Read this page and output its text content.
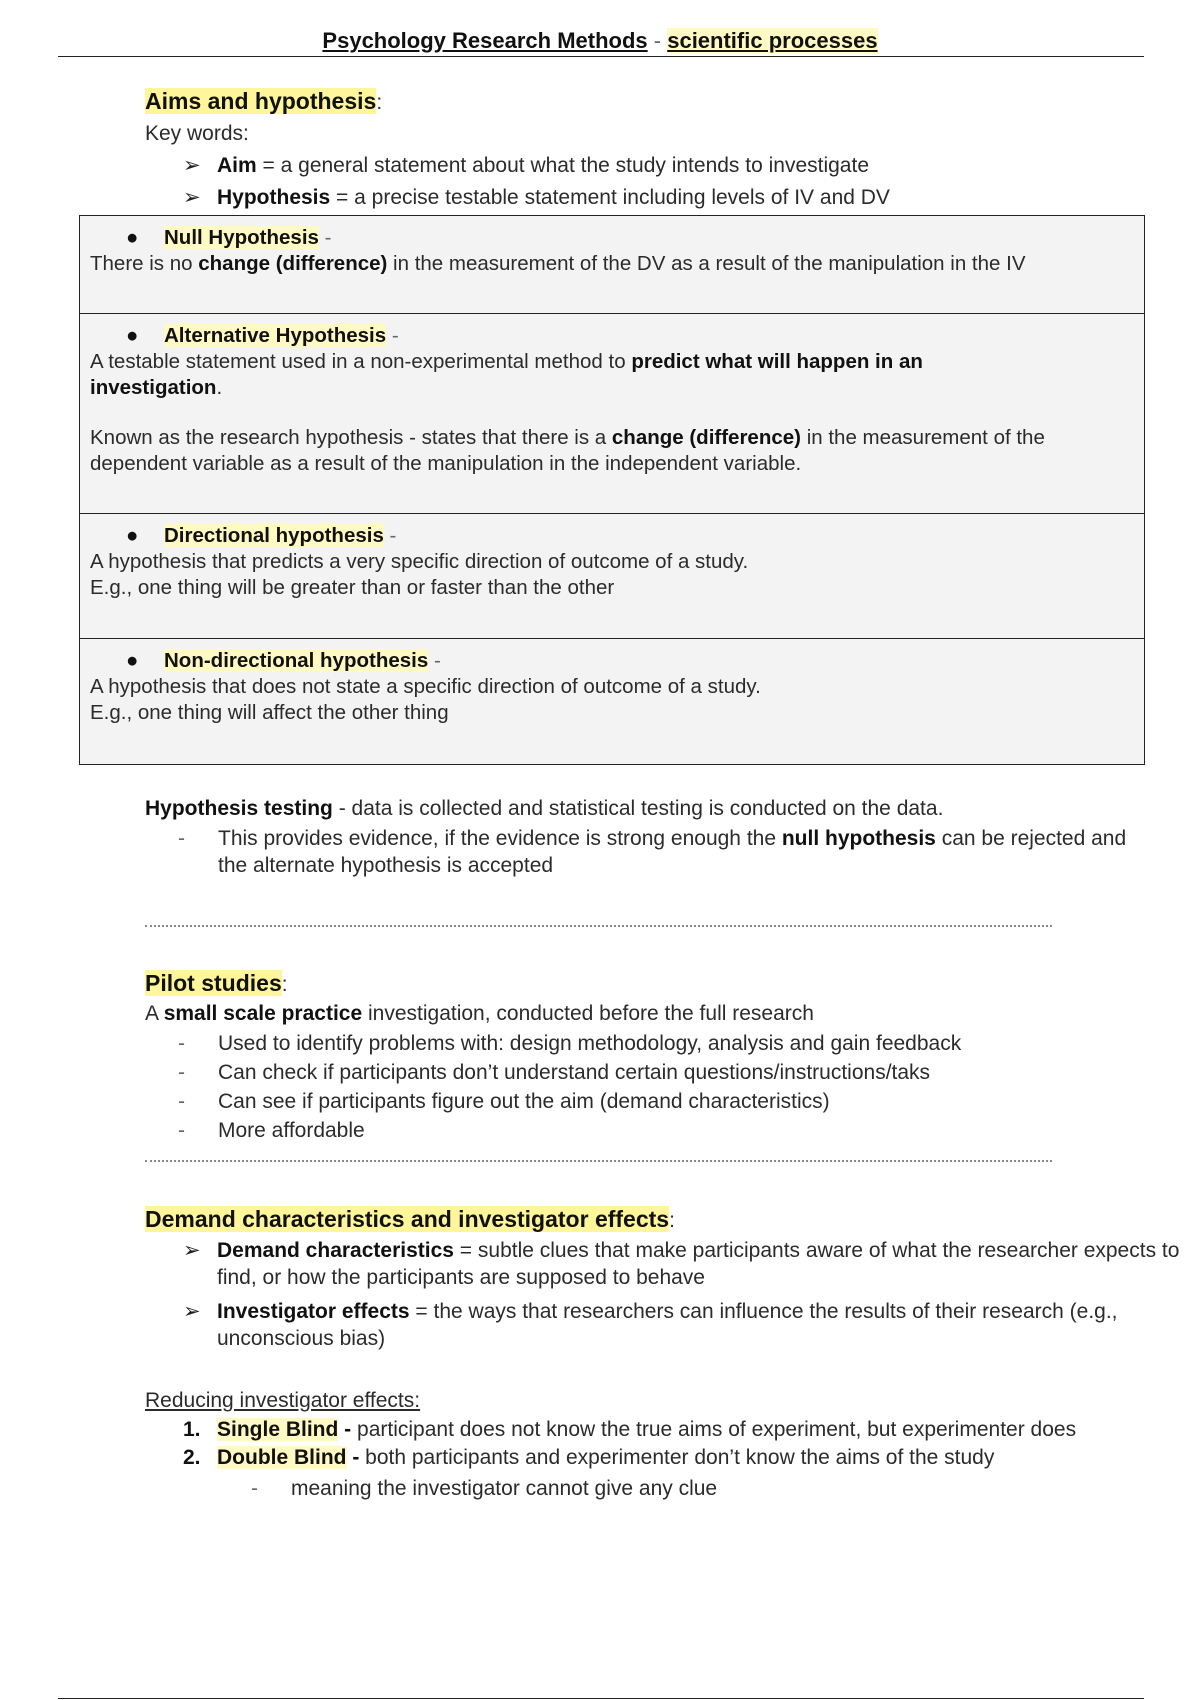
Psychology Research Methods - scientific processes
Aims and hypothesis:
Key words:
➢ Aim = a general statement about what the study intends to investigate
➢ Hypothesis = a precise testable statement including levels of IV and DV
● Null Hypothesis -
There is no change (difference) in the measurement of the DV as a result of the manipulation in the IV

● Alternative Hypothesis -
A testable statement used in a non-experimental method to predict what will happen in an investigation.
Known as the research hypothesis - states that there is a change (difference) in the measurement of the dependent variable as a result of the manipulation in the independent variable.

● Directional hypothesis -
A hypothesis that predicts a very specific direction of outcome of a study.
E.g., one thing will be greater than or faster than the other

● Non-directional hypothesis -
A hypothesis that does not state a specific direction of outcome of a study.
E.g., one thing will affect the other thing
Hypothesis testing - data is collected and statistical testing is conducted on the data.
- This provides evidence, if the evidence is strong enough the null hypothesis can be rejected and the alternate hypothesis is accepted
Pilot studies:
A small scale practice investigation, conducted before the full research
- Used to identify problems with: design methodology, analysis and gain feedback
- Can check if participants don’t understand certain questions/instructions/taks
- Can see if participants figure out the aim (demand characteristics)
- More affordable
Demand characteristics and investigator effects:
➢ Demand characteristics = subtle clues that make participants aware of what the researcher expects to find, or how the participants are supposed to behave
➢ Investigator effects = the ways that researchers can influence the results of their research (e.g., unconscious bias)
Reducing investigator effects:
1. Single Blind - participant does not know the true aims of experiment, but experimenter does
2. Double Blind - both participants and experimenter don’t know the aims of the study
- meaning the investigator cannot give any clue
